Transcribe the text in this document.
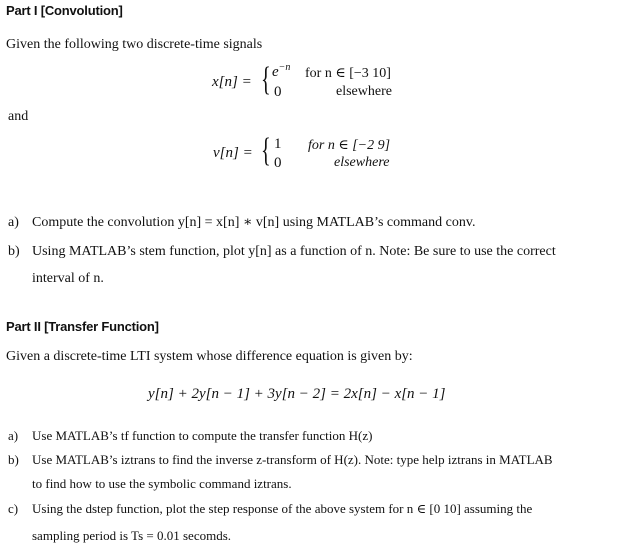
Part I [Convolution]
Given the following two discrete-time signals
x[n] = { $e^{-n}$ for n ∈ [−3 10]
0	elsewhere
and
v[n] = { 1 for n ∈ [−2 9]
0	elsewhere
a) Compute the convolution y[n] = x[n] ∗ v[n] using MATLAB’s command conv.
b) Using MATLAB’s stem function, plot y[n] as a function of n. Note: Be sure to use the correct
interval of n.
Part II [Transfer Function]
Given a discrete-time LTI system whose difference equation is given by:
y[n] + 2y[n − 1] + 3y[n − 2] = 2x[n] − x[n − 1]
a) Use MATLAB’s tf function to compute the transfer function H(z)
b) Use MATLAB’s iztrans to find the inverse z-transform of H(z). Note: type help iztrans in MATLAB
to find how to use the symbolic command iztrans.
c) Using the dstep function, plot the step response of the above system for n ∈ [0 10] assuming the
sampling period is Ts = 0.01 secomds.
